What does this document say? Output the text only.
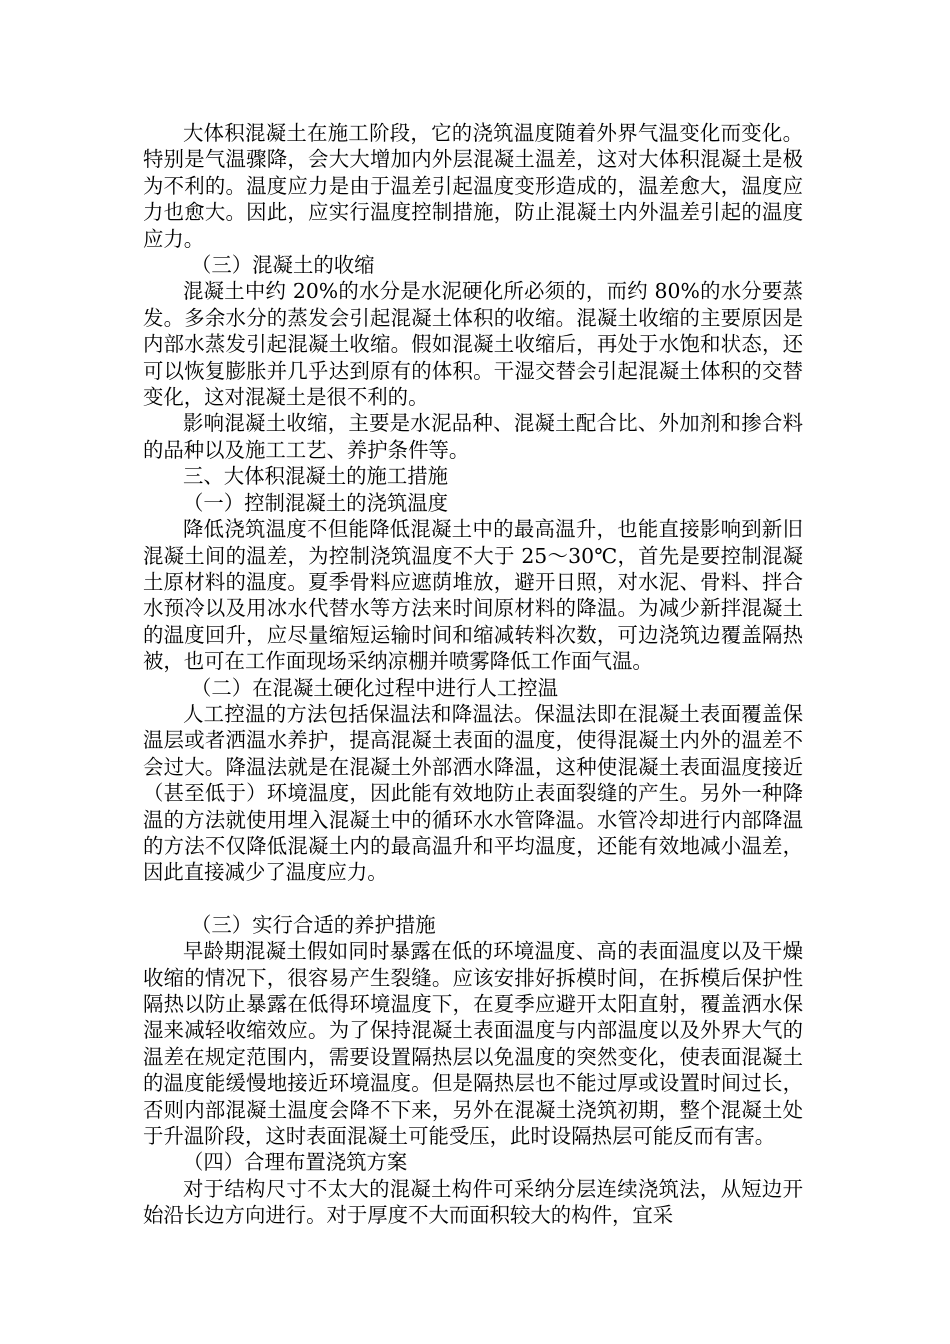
大体积混凝土在施工阶段，它的浇筑温度随着外界气温变化而变化。特别是气温骤降，会大大增加内外层混凝土温差，这对大体积混凝土是极为不利的。温度应力是由于温差引起温度变形造成的，温差愈大，温度应力也愈大。因此，应实行温度控制措施，防止混凝土内外温差引起的温度应力。

（三）混凝土的收缩

混凝土中约 20%的水分是水泥硬化所必须的，而约 80%的水分要蒸发。多余水分的蒸发会引起混凝土体积的收缩。混凝土收缩的主要原因是内部水蒸发引起混凝土收缩。假如混凝土收缩后，再处于水饱和状态，还可以恢复膨胀并几乎达到原有的体积。干湿交替会引起混凝土体积的交替变化，这对混凝土是很不利的。

影响混凝土收缩，主要是水泥品种、混凝土配合比、外加剂和掺合料的品种以及施工工艺、养护条件等。

三、大体积混凝土的施工措施

（一）控制混凝土的浇筑温度

降低浇筑温度不但能降低混凝土中的最高温升，也能直接影响到新旧混凝土间的温差，为控制浇筑温度不大于 25～30℃，首先是要控制混凝土原材料的温度。夏季骨料应遮荫堆放，避开日照，对水泥、骨料、拌合水预冷以及用冰水代替水等方法来时间原材料的降温。为减少新拌混凝土的温度回升，应尽量缩短运输时间和缩减转料次数，可边浇筑边覆盖隔热被，也可在工作面现场采纳凉棚并喷雾降低工作面气温。

（二）在混凝土硬化过程中进行人工控温

人工控温的方法包括保温法和降温法。保温法即在混凝土表面覆盖保温层或者洒温水养护，提高混凝土表面的温度，使得混凝土内外的温差不会过大。降温法就是在混凝土外部洒水降温，这种使混凝土表面温度接近（甚至低于）环境温度，因此能有效地防止表面裂缝的产生。另外一种降温的方法就使用埋入混凝土中的循环水水管降温。水管冷却进行内部降温的方法不仅降低混凝土内的最高温升和平均温度，还能有效地减小温差，因此直接减少了温度应力。

（三）实行合适的养护措施

早龄期混凝土假如同时暴露在低的环境温度、高的表面温度以及干燥收缩的情况下，很容易产生裂缝。应该安排好拆模时间，在拆模后保护性隔热以防止暴露在低得环境温度下，在夏季应避开太阳直射，覆盖洒水保湿来减轻收缩效应。为了保持混凝土表面温度与内部温度以及外界大气的温差在规定范围内，需要设置隔热层以免温度的突然变化，使表面混凝土的温度能缓慢地接近环境温度。但是隔热层也不能过厚或设置时间过长，否则内部混凝土温度会降不下来，另外在混凝土浇筑初期，整个混凝土处于升温阶段，这时表面混凝土可能受压，此时设隔热层可能反而有害。

（四）合理布置浇筑方案

对于结构尺寸不太大的混凝土构件可采纳分层连续浇筑法，从短边开始沿长边方向进行。对于厚度不大而面积较大的构件，宜采
